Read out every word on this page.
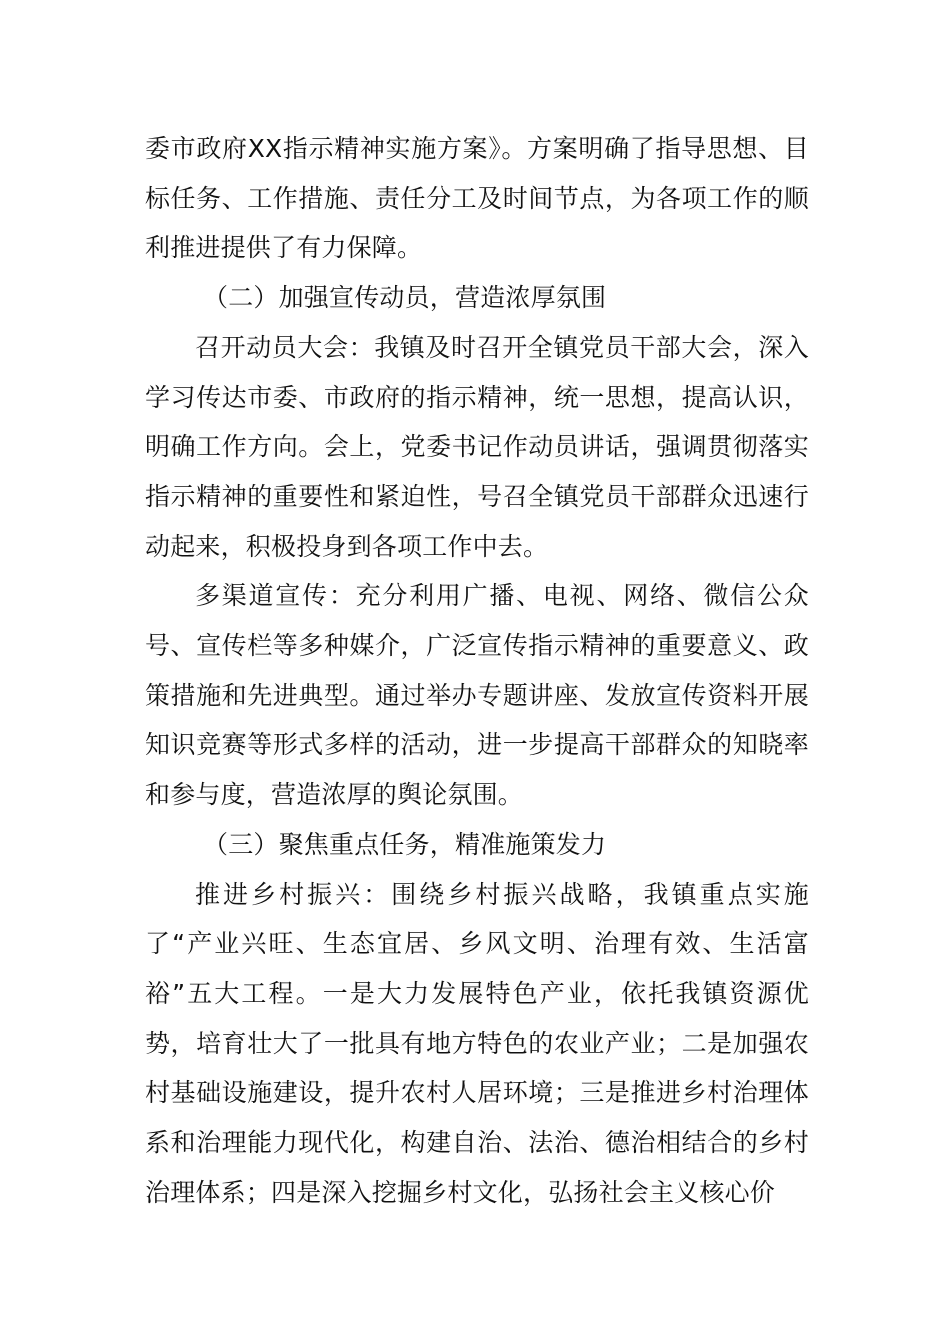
委市政府XX指示精神实施方案》。方案明确了指导思想、目标任务、工作措施、责任分工及时间节点，为各项工作的顺利推进提供了有力保障。

（二）加强宣传动员，营造浓厚氛围

召开动员大会：我镇及时召开全镇党员干部大会，深入学习传达市委、市政府的指示精神，统一思想，提高认识，明确工作方向。会上，党委书记作动员讲话，强调贯彻落实指示精神的重要性和紧迫性，号召全镇党员干部群众迅速行动起来，积极投身到各项工作中去。

多渠道宣传：充分利用广播、电视、网络、微信公众号、宣传栏等多种媒介，广泛宣传指示精神的重要意义、政策措施和先进典型。通过举办专题讲座、发放宣传资料开展知识竞赛等形式多样的活动，进一步提高干部群众的知晓率和参与度，营造浓厚的舆论氛围。

（三）聚焦重点任务，精准施策发力

推进乡村振兴：围绕乡村振兴战略，我镇重点实施了“产业兴旺、生态宜居、乡风文明、治理有效、生活富裕”五大工程。一是大力发展特色产业，依托我镇资源优势，培育壮大了一批具有地方特色的农业产业；二是加强农村基础设施建设，提升农村人居环境；三是推进乡村治理体系和治理能力现代化，构建自治、法治、德治相结合的乡村治理体系；四是深入挖掘乡村文化，弘扬社会主义核心价
